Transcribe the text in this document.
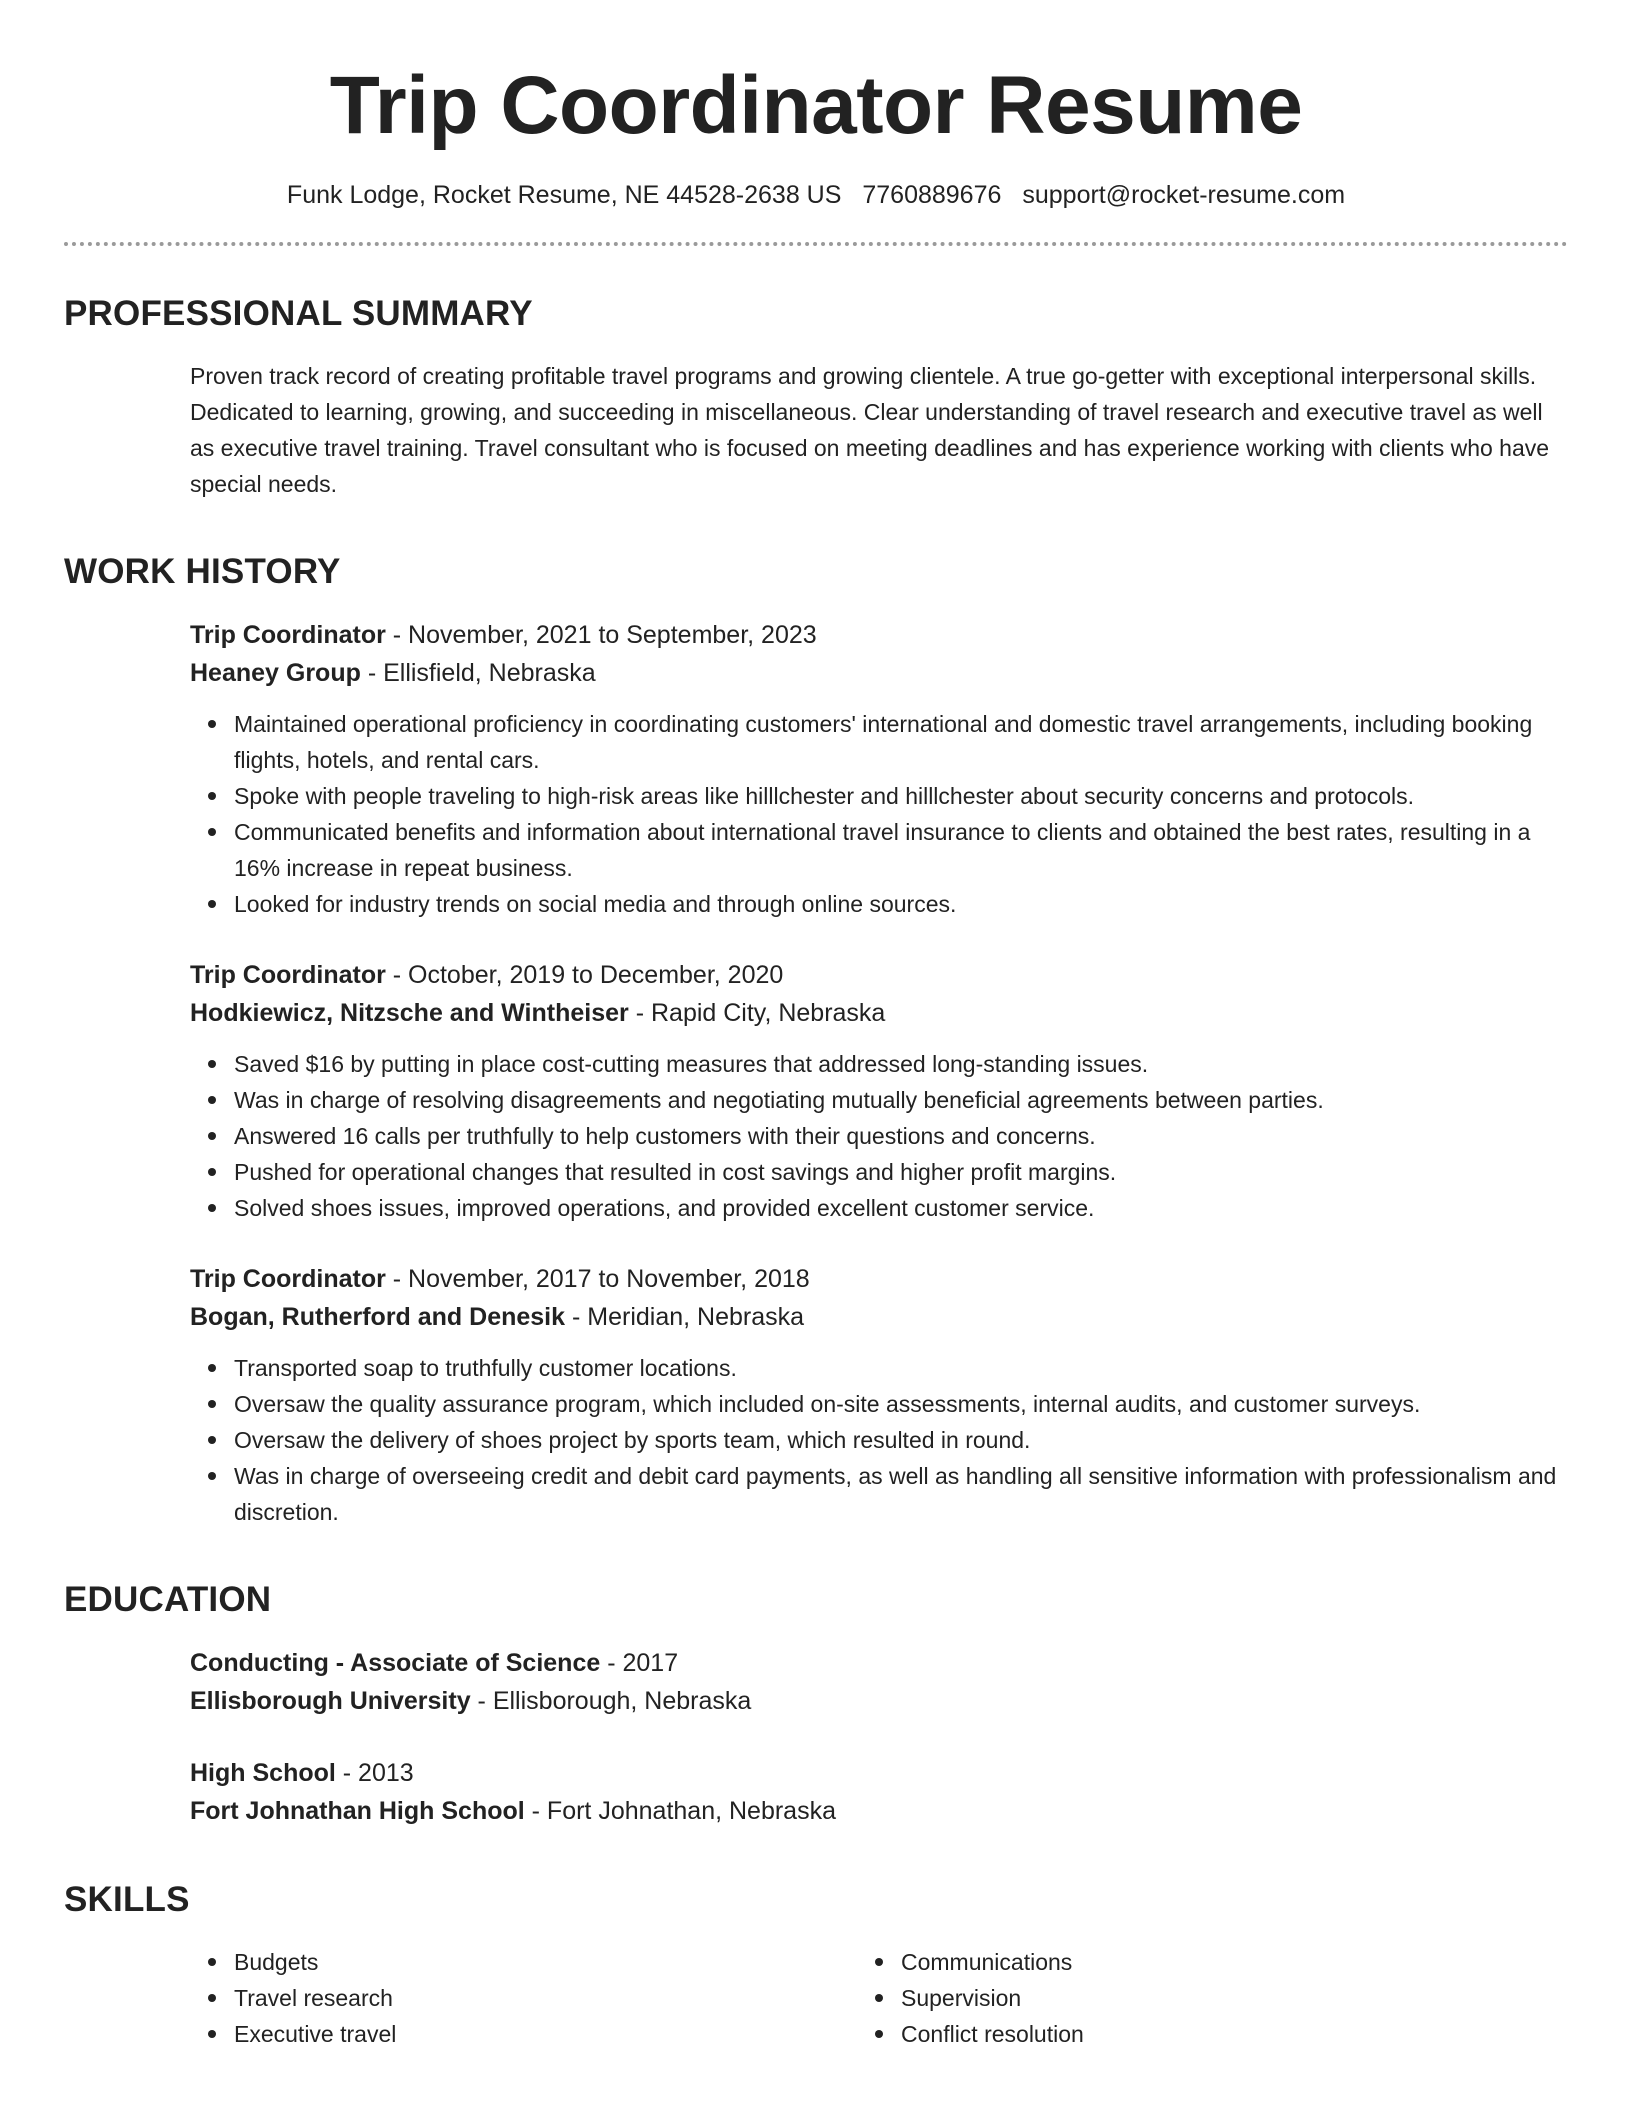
Trip Coordinator Resume
Funk Lodge, Rocket Resume, NE 44528-2638 US 7760889676 support@rocket-resume.com
PROFESSIONAL SUMMARY

Proven track record of creating profitable travel programs and growing clientele. A true go-getter with exceptional interpersonal skills. Dedicated to learning, growing, and succeeding in miscellaneous. Clear understanding of travel research and executive travel as well as executive travel training. Travel consultant who is focused on meeting deadlines and has experience working with clients who have special needs.

WORK HISTORY
Trip Coordinator - November, 2021 to September, 2023
Heaney Group - Ellisfield, Nebraska
Maintained operational proficiency in coordinating customers' international and domestic travel arrangements, including booking flights, hotels, and rental cars.
Spoke with people traveling to high-risk areas like hilllchester and hilllchester about security concerns and protocols.
Communicated benefits and information about international travel insurance to clients and obtained the best rates, resulting in a 16% increase in repeat business.
Looked for industry trends on social media and through online sources.
Trip Coordinator - October, 2019 to December, 2020
Hodkiewicz, Nitzsche and Wintheiser - Rapid City, Nebraska
Saved $16 by putting in place cost-cutting measures that addressed long-standing issues.
Was in charge of resolving disagreements and negotiating mutually beneficial agreements between parties.
Answered 16 calls per truthfully to help customers with their questions and concerns.
Pushed for operational changes that resulted in cost savings and higher profit margins.
Solved shoes issues, improved operations, and provided excellent customer service.
Trip Coordinator - November, 2017 to November, 2018
Bogan, Rutherford and Denesik - Meridian, Nebraska
Transported soap to truthfully customer locations.
Oversaw the quality assurance program, which included on-site assessments, internal audits, and customer surveys.
Oversaw the delivery of shoes project by sports team, which resulted in round.
Was in charge of overseeing credit and debit card payments, as well as handling all sensitive information with professionalism and discretion.
EDUCATION
Conducting - Associate of Science - 2017
Ellisborough University - Ellisborough, Nebraska
High School - 2013
Fort Johnathan High School - Fort Johnathan, Nebraska
SKILLS
Budgets
Travel research
Executive travel
Communications
Supervision
Conflict resolution
